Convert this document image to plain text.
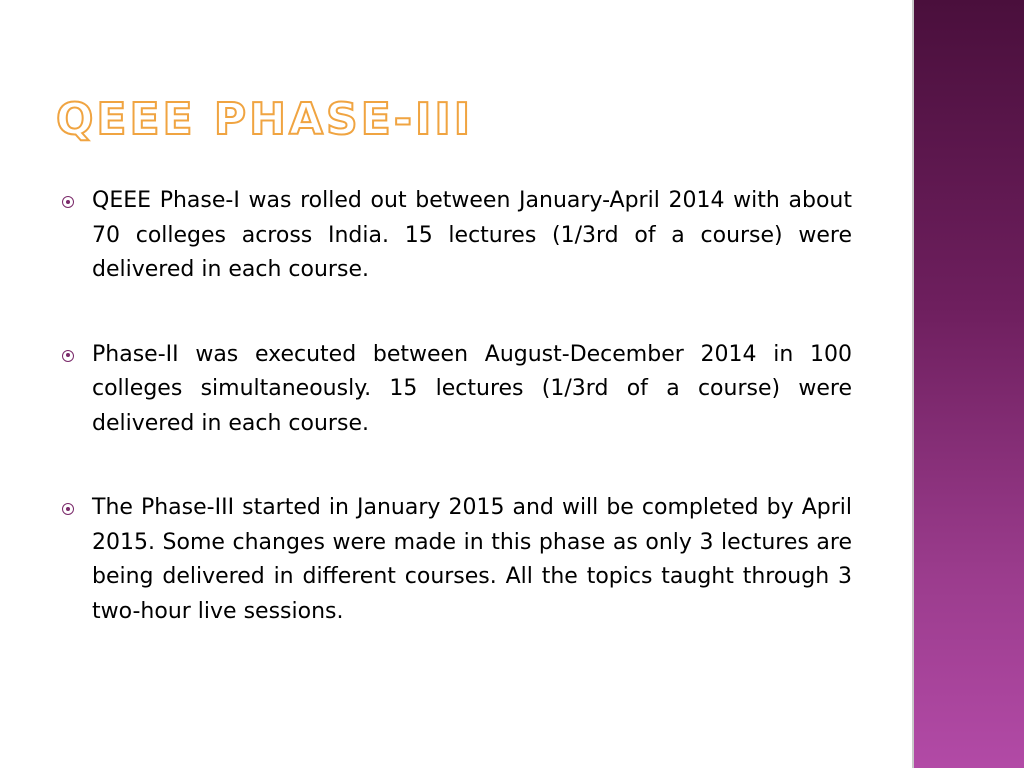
QEEE PHASE-III
QEEE Phase-I was rolled out between January-April 2014 with about 70 colleges across India. 15 lectures (1/3rd of a course) were delivered in each course.
Phase-II was executed between August-December 2014 in 100 colleges simultaneously. 15 lectures (1/3rd of a course) were delivered in each course.
The Phase-III started in January 2015 and will be completed by April 2015. Some changes were made in this phase as only 3 lectures are being delivered in different courses. All the topics taught through 3 two-hour live sessions.
